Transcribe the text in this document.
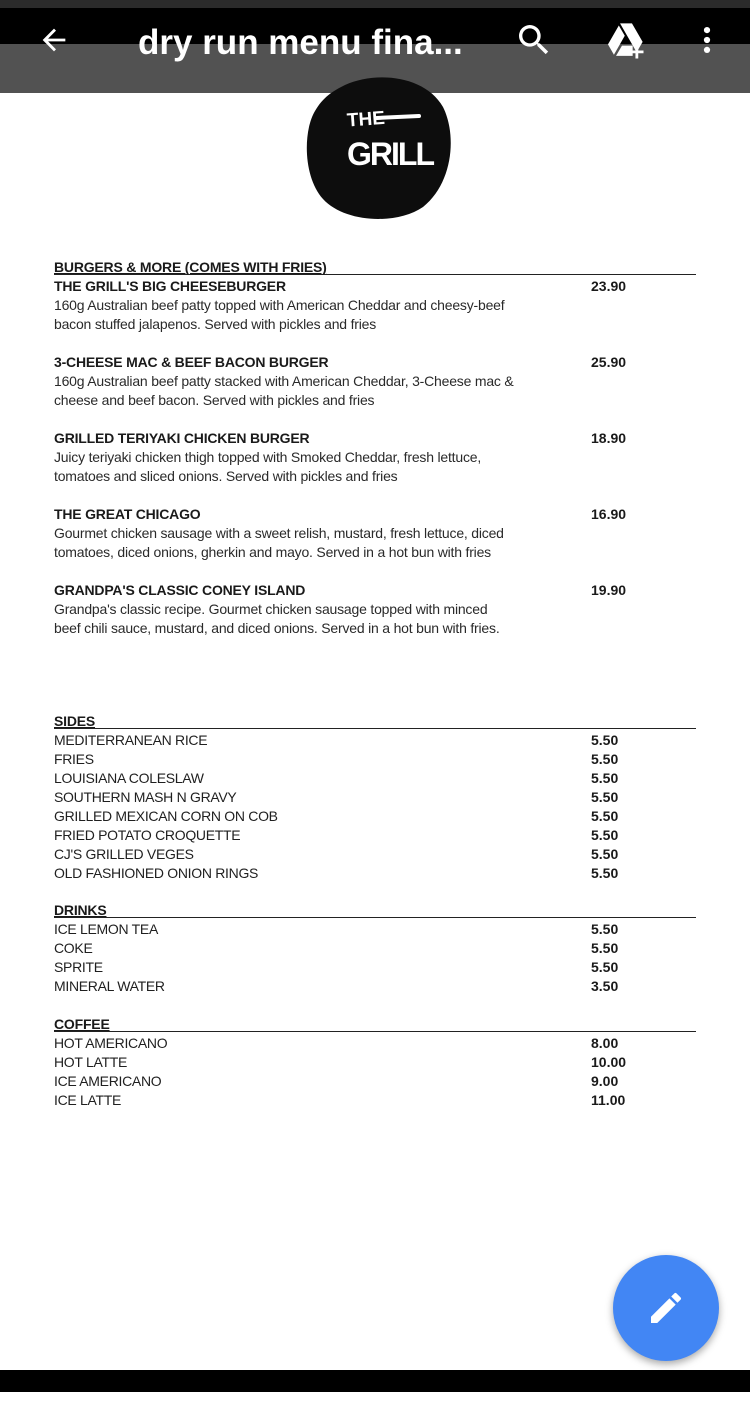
dry run menu fina...
THE
GRILL
BURGERS & MORE (COMES WITH FRIES)
THE GRILL'S BIG CHEESEBURGER
160g Australian beef patty topped with American Cheddar and cheesy-beef bacon stuffed jalapenos. Served with pickles and fries
23.90
3-CHEESE MAC & BEEF BACON BURGER
160g Australian beef patty stacked with American Cheddar, 3-Cheese mac & cheese and beef bacon. Served with pickles and fries
25.90
GRILLED TERIYAKI CHICKEN BURGER
Juicy teriyaki chicken thigh topped with Smoked Cheddar, fresh lettuce, tomatoes and sliced onions. Served with pickles and fries
18.90
THE GREAT CHICAGO
Gourmet chicken sausage with a sweet relish, mustard, fresh lettuce, diced tomatoes, diced onions, gherkin and mayo. Served in a hot bun with fries
16.90
GRANDPA'S CLASSIC CONEY ISLAND
Grandpa's classic recipe. Gourmet chicken sausage topped with minced beef chili sauce, mustard, and diced onions. Served in a hot bun with fries.
19.90
SIDES
MEDITERRANEAN RICE	5.50
FRIES	5.50
LOUISIANA COLESLAW	5.50
SOUTHERN MASH N GRAVY	5.50
GRILLED MEXICAN CORN ON COB	5.50
FRIED POTATO CROQUETTE	5.50
CJ'S GRILLED VEGES	5.50
OLD FASHIONED ONION RINGS	5.50
DRINKS
ICE LEMON TEA	5.50
COKE	5.50
SPRITE	5.50
MINERAL WATER	3.50
COFFEE
HOT AMERICANO	8.00
HOT LATTE	10.00
ICE AMERICANO	9.00
ICE LATTE	11.00
